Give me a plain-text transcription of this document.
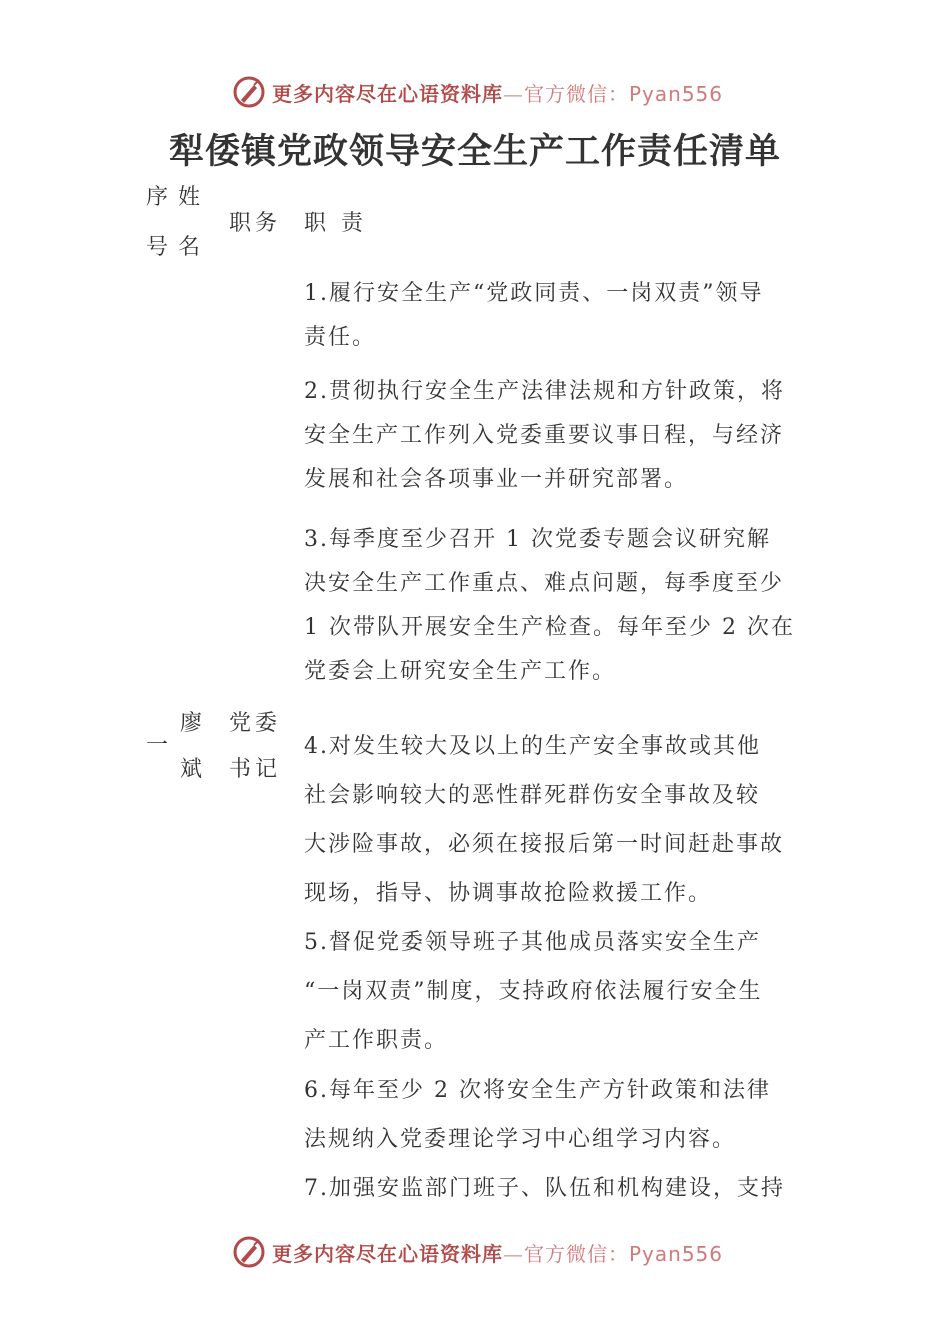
更多内容尽在心语资料库—官方微信：Pyan556
犁倭镇党政领导安全生产工作责任清单
序 姓
号 名
职务 职 责
一
廖
斌
党委
书记

1.履行安全生产“党政同责、一岗双责”领导

责任。

2.贯彻执行安全生产法律法规和方针政策，将

安全生产工作列入党委重要议事日程，与经济

发展和社会各项事业一并研究部署。

3.每季度至少召开 1 次党委专题会议研究解

决安全生产工作重点、难点问题，每季度至少

1 次带队开展安全生产检查。每年至少 2 次在

党委会上研究安全生产工作。

4.对发生较大及以上的生产安全事故或其他

社会影响较大的恶性群死群伤安全事故及较

大涉险事故，必须在接报后第一时间赶赴事故

现场，指导、协调事故抢险救援工作。

5.督促党委领导班子其他成员落实安全生产

“一岗双责”制度，支持政府依法履行安全生

产工作职责。

6.每年至少 2 次将安全生产方针政策和法律

法规纳入党委理论学习中心组学习内容。

7.加强安监部门班子、队伍和机构建设，支持

更多内容尽在心语资料库—官方微信：Pyan556
